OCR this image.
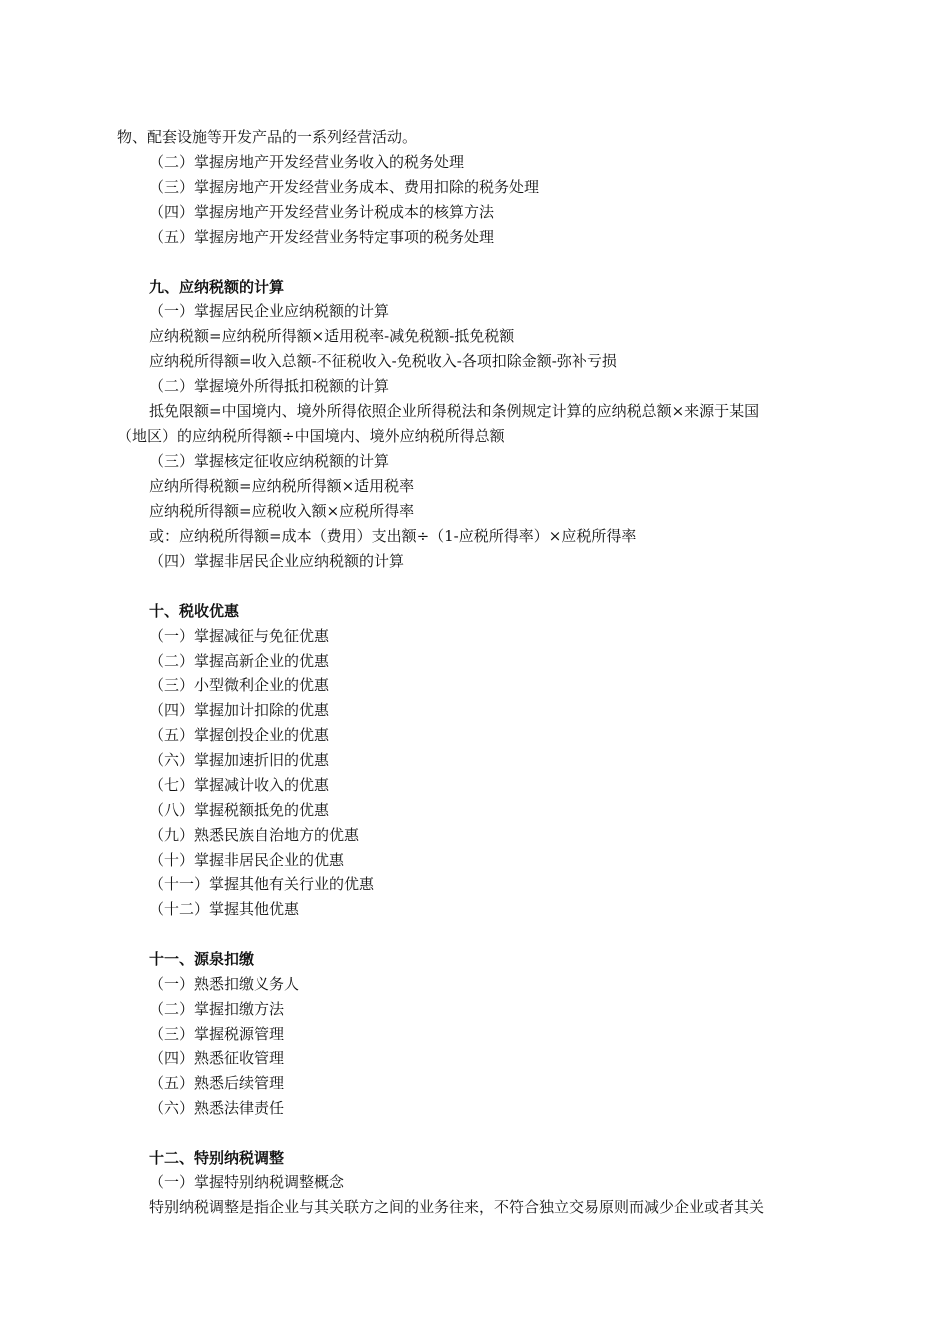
物、配套设施等开发产品的一系列经营活动。
（二）掌握房地产开发经营业务收入的税务处理
（三）掌握房地产开发经营业务成本、费用扣除的税务处理
（四）掌握房地产开发经营业务计税成本的核算方法
（五）掌握房地产开发经营业务特定事项的税务处理
九、应纳税额的计算
（一）掌握居民企业应纳税额的计算
应纳税额=应纳税所得额×适用税率-减免税额-抵免税额
应纳税所得额=收入总额-不征税收入-免税收入-各项扣除金额-弥补亏损
（二）掌握境外所得抵扣税额的计算
抵免限额=中国境内、境外所得依照企业所得税法和条例规定计算的应纳税总额×来源于某国
（地区）的应纳税所得额÷中国境内、境外应纳税所得总额
（三）掌握核定征收应纳税额的计算
应纳所得税额=应纳税所得额×适用税率
应纳税所得额=应税收入额×应税所得率
或：应纳税所得额=成本（费用）支出额÷（1-应税所得率）×应税所得率
（四）掌握非居民企业应纳税额的计算
十、税收优惠
（一）掌握减征与免征优惠
（二）掌握高新企业的优惠
（三）小型微利企业的优惠
（四）掌握加计扣除的优惠
（五）掌握创投企业的优惠
（六）掌握加速折旧的优惠
（七）掌握减计收入的优惠
（八）掌握税额抵免的优惠
（九）熟悉民族自治地方的优惠
（十）掌握非居民企业的优惠
（十一）掌握其他有关行业的优惠
（十二）掌握其他优惠
十一、源泉扣缴
（一）熟悉扣缴义务人
（二）掌握扣缴方法
（三）掌握税源管理
（四）熟悉征收管理
（五）熟悉后续管理
（六）熟悉法律责任
十二、特别纳税调整
（一）掌握特别纳税调整概念
特别纳税调整是指企业与其关联方之间的业务往来，不符合独立交易原则而减少企业或者其关
